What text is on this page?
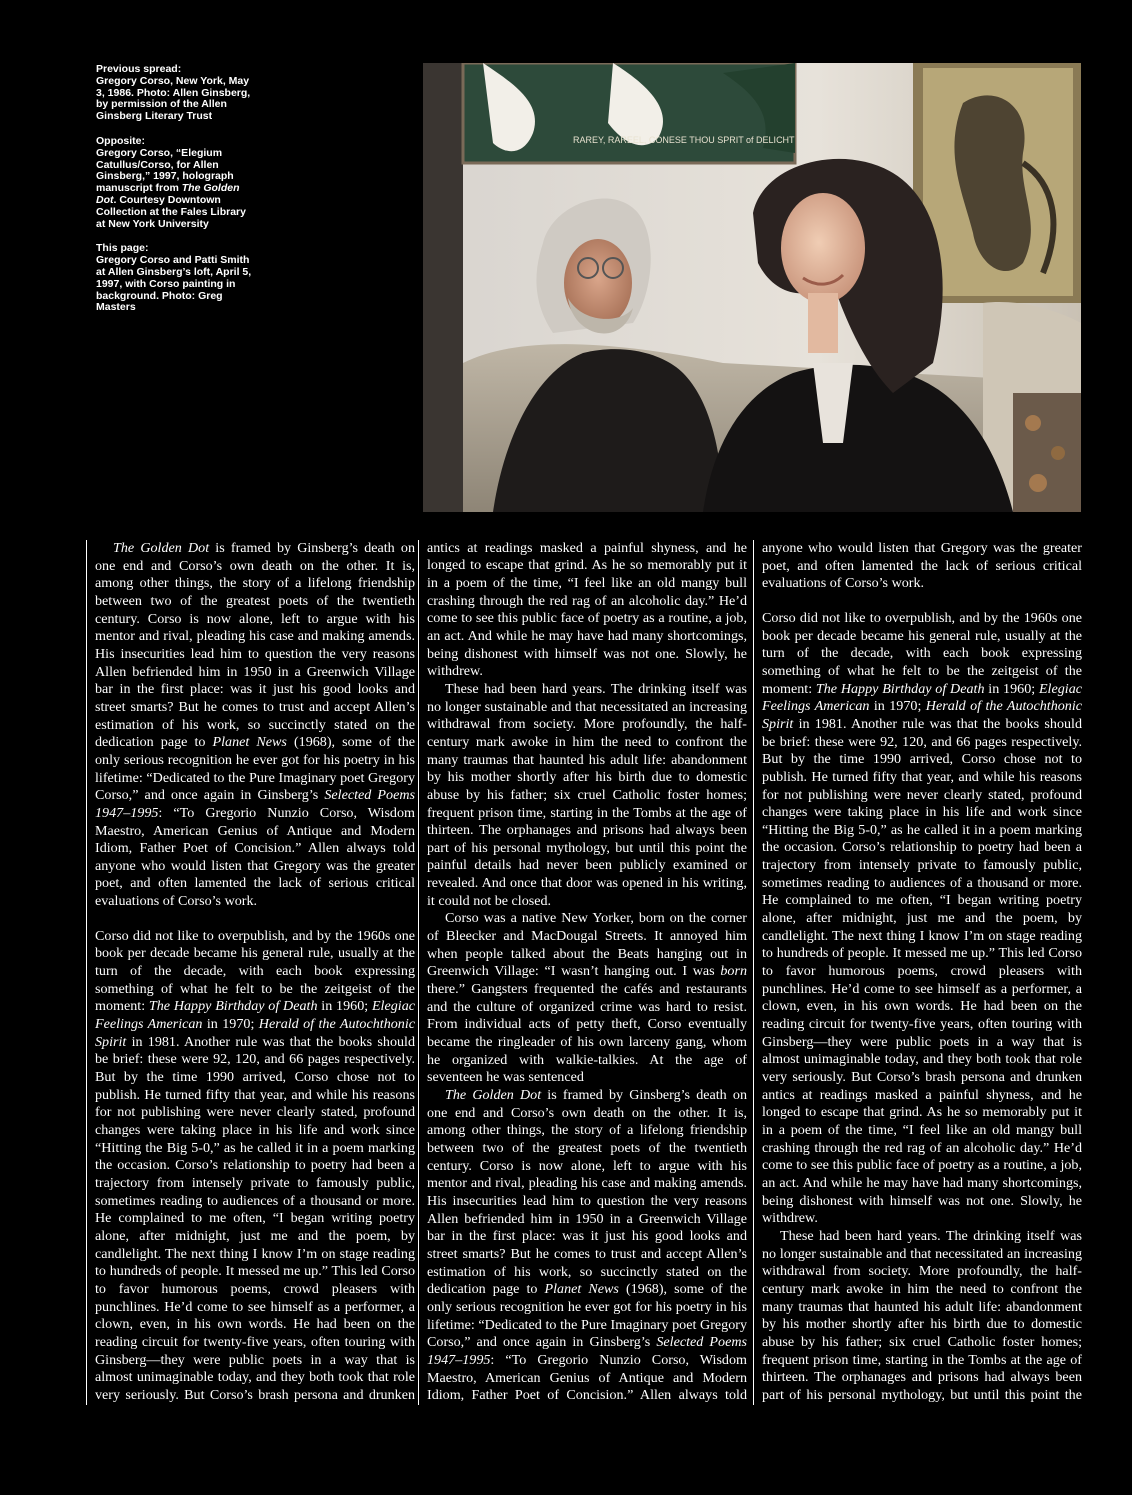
Previous spread:

Gregory Corso, New York, May 3, 1986. Photo: Allen Ginsberg, by permission of the Allen Ginsberg Literary Trust

Opposite:

Gregory Corso, “Elegium Catullus/Corso, for Allen Ginsberg,” 1997, holograph manuscript from The Golden Dot. Courtesy Downtown Collection at the Fales Library at New York University

This page:

Gregory Corso and Patti Smith at Allen Ginsberg’s loft, April 5, 1997, with Corso painting in background. Photo: Greg Masters

RAREY, RAREEL, CONESE THOU SPRIT of DELICHT

The Golden Dot is framed by Ginsberg’s death on one end and Corso’s own death on the other. It is, among other things, the story of a lifelong friendship between two of the greatest poets of the twentieth century. Corso is now alone, left to argue with his mentor and rival, pleading his case and making amends. His insecurities lead him to question the very reasons Allen befriended him in 1950 in a Greenwich Village bar in the first place: was it just his good looks and street smarts? But he comes to trust and accept Allen’s estimation of his work, so succinctly stated on the dedication page to Planet News (1968), some of the only serious recognition he ever got for his poetry in his lifetime: “Dedicated to the Pure Imaginary poet Gregory Corso,” and once again in Ginsberg’s Selected Poems 1947–1995: “To Gregorio Nunzio Corso, Wisdom Maestro, American Genius of Antique and Modern Idiom, Father Poet of Concision.” Allen always told anyone who would listen that Gregory was the greater poet, and often lamented the lack of serious critical evaluations of Corso’s work.

Corso did not like to overpublish, and by the 1960s one book per decade became his general rule, usually at the turn of the decade, with each book expressing something of what he felt to be the zeitgeist of the moment: The Happy Birthday of Death in 1960; Elegiac Feelings American in 1970; Herald of the Autochthonic Spirit in 1981. Another rule was that the books should be brief: these were 92, 120, and 66 pages respectively. But by the time 1990 arrived, Corso chose not to publish. He turned fifty that year, and while his reasons for not publishing were never clearly stated, profound changes were taking place in his life and work since “Hitting the Big 5-0,” as he called it in a poem marking the occasion. Corso’s relationship to poetry had been a trajectory from intensely private to famously public, sometimes reading to audiences of a thousand or more. He complained to me often, “I began writing poetry alone, after midnight, just me and the poem, by candlelight. The next thing I know I’m on stage reading to hundreds of people. It messed me up.” This led Corso to favor humorous poems, crowd pleasers with punchlines. He’d come to see himself as a performer, a clown, even, in his own words. He had been on the reading circuit for twenty-five years, often touring with Ginsberg—they were public poets in a way that is almost unimaginable today, and they both took that role very seriously. But Corso’s brash persona and drunken

antics at readings masked a painful shyness, and he longed to escape that grind. As he so memorably put it in a poem of the time, “I feel like an old mangy bull crashing through the red rag of an alcoholic day.” He’d come to see this public face of poetry as a routine, a job, an act. And while he may have had many shortcomings, being dishonest with himself was not one. Slowly, he withdrew.

These had been hard years. The drinking itself was no longer sustainable and that necessitated an increasing withdrawal from society. More profoundly, the half-century mark awoke in him the need to confront the many traumas that haunted his adult life: abandonment by his mother shortly after his birth due to domestic abuse by his father; six cruel Catholic foster homes; frequent prison time, starting in the Tombs at the age of thirteen. The orphanages and prisons had always been part of his personal mythology, but until this point the painful details had never been publicly examined or revealed. And once that door was opened in his writing, it could not be closed.

Corso was a native New Yorker, born on the corner of Bleecker and MacDougal Streets. It annoyed him when people talked about the Beats hanging out in Greenwich Village: “I wasn’t hanging out. I was born there.” Gangsters frequented the cafés and restaurants and the culture of organized crime was hard to resist. From individual acts of petty theft, Corso eventually became the ringleader of his own larceny gang, whom he organized with walkie-talkies. At the age of seventeen he was sentenced

The Golden Dot is framed by Ginsberg’s death on one end and Corso’s own death on the other. It is, among other things, the story of a lifelong friendship between two of the greatest poets of the twentieth century. Corso is now alone, left to argue with his mentor and rival, pleading his case and making amends. His insecurities lead him to question the very reasons Allen befriended him in 1950 in a Greenwich Village bar in the first place: was it just his good looks and street smarts? But he comes to trust and accept Allen’s estimation of his work, so succinctly stated on the dedication page to Planet News (1968), some of the only serious recognition he ever got for his poetry in his lifetime: “Dedicated to the Pure Imaginary poet Gregory Corso,” and once again in Ginsberg’s Selected Poems 1947–1995: “To Gregorio Nunzio Corso, Wisdom Maestro, American Genius of Antique and Modern Idiom, Father Poet of Concision.” Allen always told

anyone who would listen that Gregory was the greater poet, and often lamented the lack of serious critical evaluations of Corso’s work.

Corso did not like to overpublish, and by the 1960s one book per decade became his general rule, usually at the turn of the decade, with each book expressing something of what he felt to be the zeitgeist of the moment: The Happy Birthday of Death in 1960; Elegiac Feelings American in 1970; Herald of the Autochthonic Spirit in 1981. Another rule was that the books should be brief: these were 92, 120, and 66 pages respectively. But by the time 1990 arrived, Corso chose not to publish. He turned fifty that year, and while his reasons for not publishing were never clearly stated, profound changes were taking place in his life and work since “Hitting the Big 5-0,” as he called it in a poem marking the occasion. Corso’s relationship to poetry had been a trajectory from intensely private to famously public, sometimes reading to audiences of a thousand or more. He complained to me often, “I began writing poetry alone, after midnight, just me and the poem, by candlelight. The next thing I know I’m on stage reading to hundreds of people. It messed me up.” This led Corso to favor humorous poems, crowd pleasers with punchlines. He’d come to see himself as a performer, a clown, even, in his own words. He had been on the reading circuit for twenty-five years, often touring with Ginsberg—they were public poets in a way that is almost unimaginable today, and they both took that role very seriously. But Corso’s brash persona and drunken antics at readings masked a painful shyness, and he longed to escape that grind. As he so memorably put it in a poem of the time, “I feel like an old mangy bull crashing through the red rag of an alcoholic day.” He’d come to see this public face of poetry as a routine, a job, an act. And while he may have had many shortcomings, being dishonest with himself was not one. Slowly, he withdrew.

These had been hard years. The drinking itself was no longer sustainable and that necessitated an increasing withdrawal from society. More profoundly, the half-century mark awoke in him the need to confront the many traumas that haunted his adult life: abandonment by his mother shortly after his birth due to domestic abuse by his father; six cruel Catholic foster homes; frequent prison time, starting in the Tombs at the age of thirteen. The orphanages and prisons had always been part of his personal mythology, but until this point the
